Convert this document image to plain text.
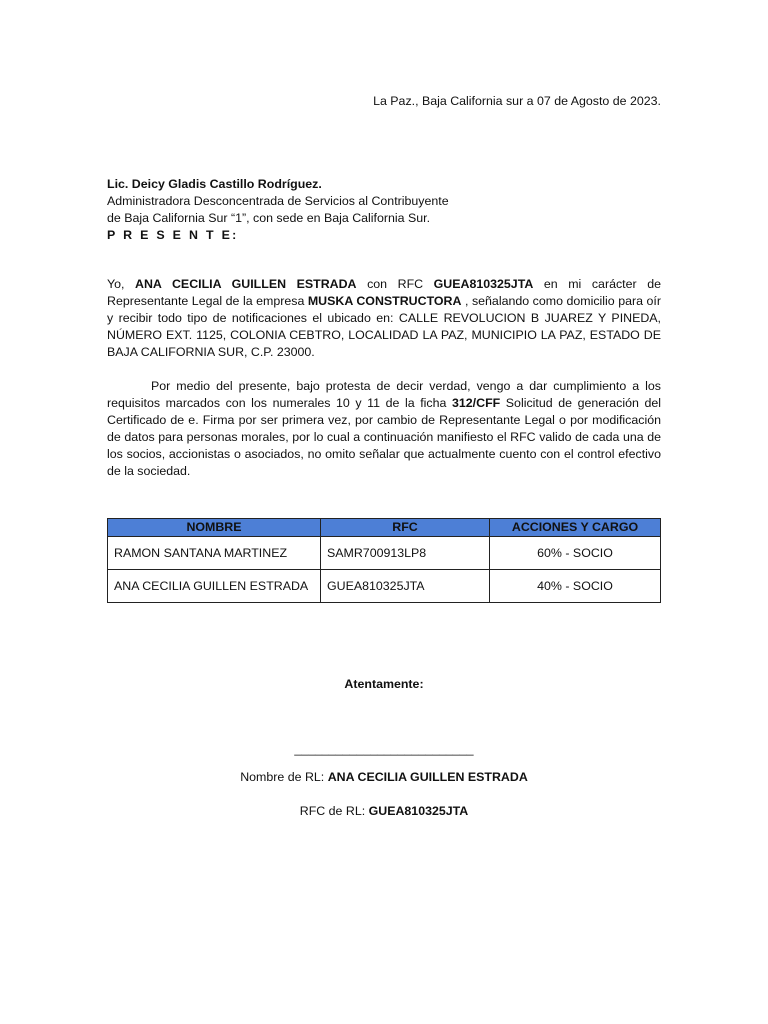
La Paz., Baja California sur a 07 de Agosto de 2023.
Lic. Deicy Gladis Castillo Rodríguez.
Administradora Desconcentrada de Servicios al Contribuyente
de Baja California Sur “1”, con sede en Baja California Sur.
P R E S E N T E:
Yo, ANA CECILIA GUILLEN ESTRADA con RFC GUEA810325JTA en mi carácter de Representante Legal de la empresa MUSKA CONSTRUCTORA , señalando como domicilio para oír y recibir todo tipo de notificaciones el ubicado en: CALLE REVOLUCION B JUAREZ Y PINEDA, NÚMERO EXT. 1125, COLONIA CEBTRO, LOCALIDAD LA PAZ, MUNICIPIO LA PAZ, ESTADO DE BAJA CALIFORNIA SUR, C.P. 23000.
Por medio del presente, bajo protesta de decir verdad, vengo a dar cumplimiento a los requisitos marcados con los numerales 10 y 11 de la ficha 312/CFF Solicitud de generación del Certificado de e. Firma por ser primera vez, por cambio de Representante Legal o por modificación de datos para personas morales, por lo cual a continuación manifiesto el RFC valido de cada una de los socios, accionistas o asociados, no omito señalar que actualmente cuento con el control efectivo de la sociedad.
NOMBRE	RFC	ACCIONES Y CARGO
RAMON SANTANA MARTINEZ	SAMR700913LP8	60% - SOCIO
ANA CECILIA GUILLEN ESTRADA	GUEA810325JTA	40% - SOCIO
Atentamente:
__________________________
Nombre de RL: ANA CECILIA GUILLEN ESTRADA
RFC de RL: GUEA810325JTA
